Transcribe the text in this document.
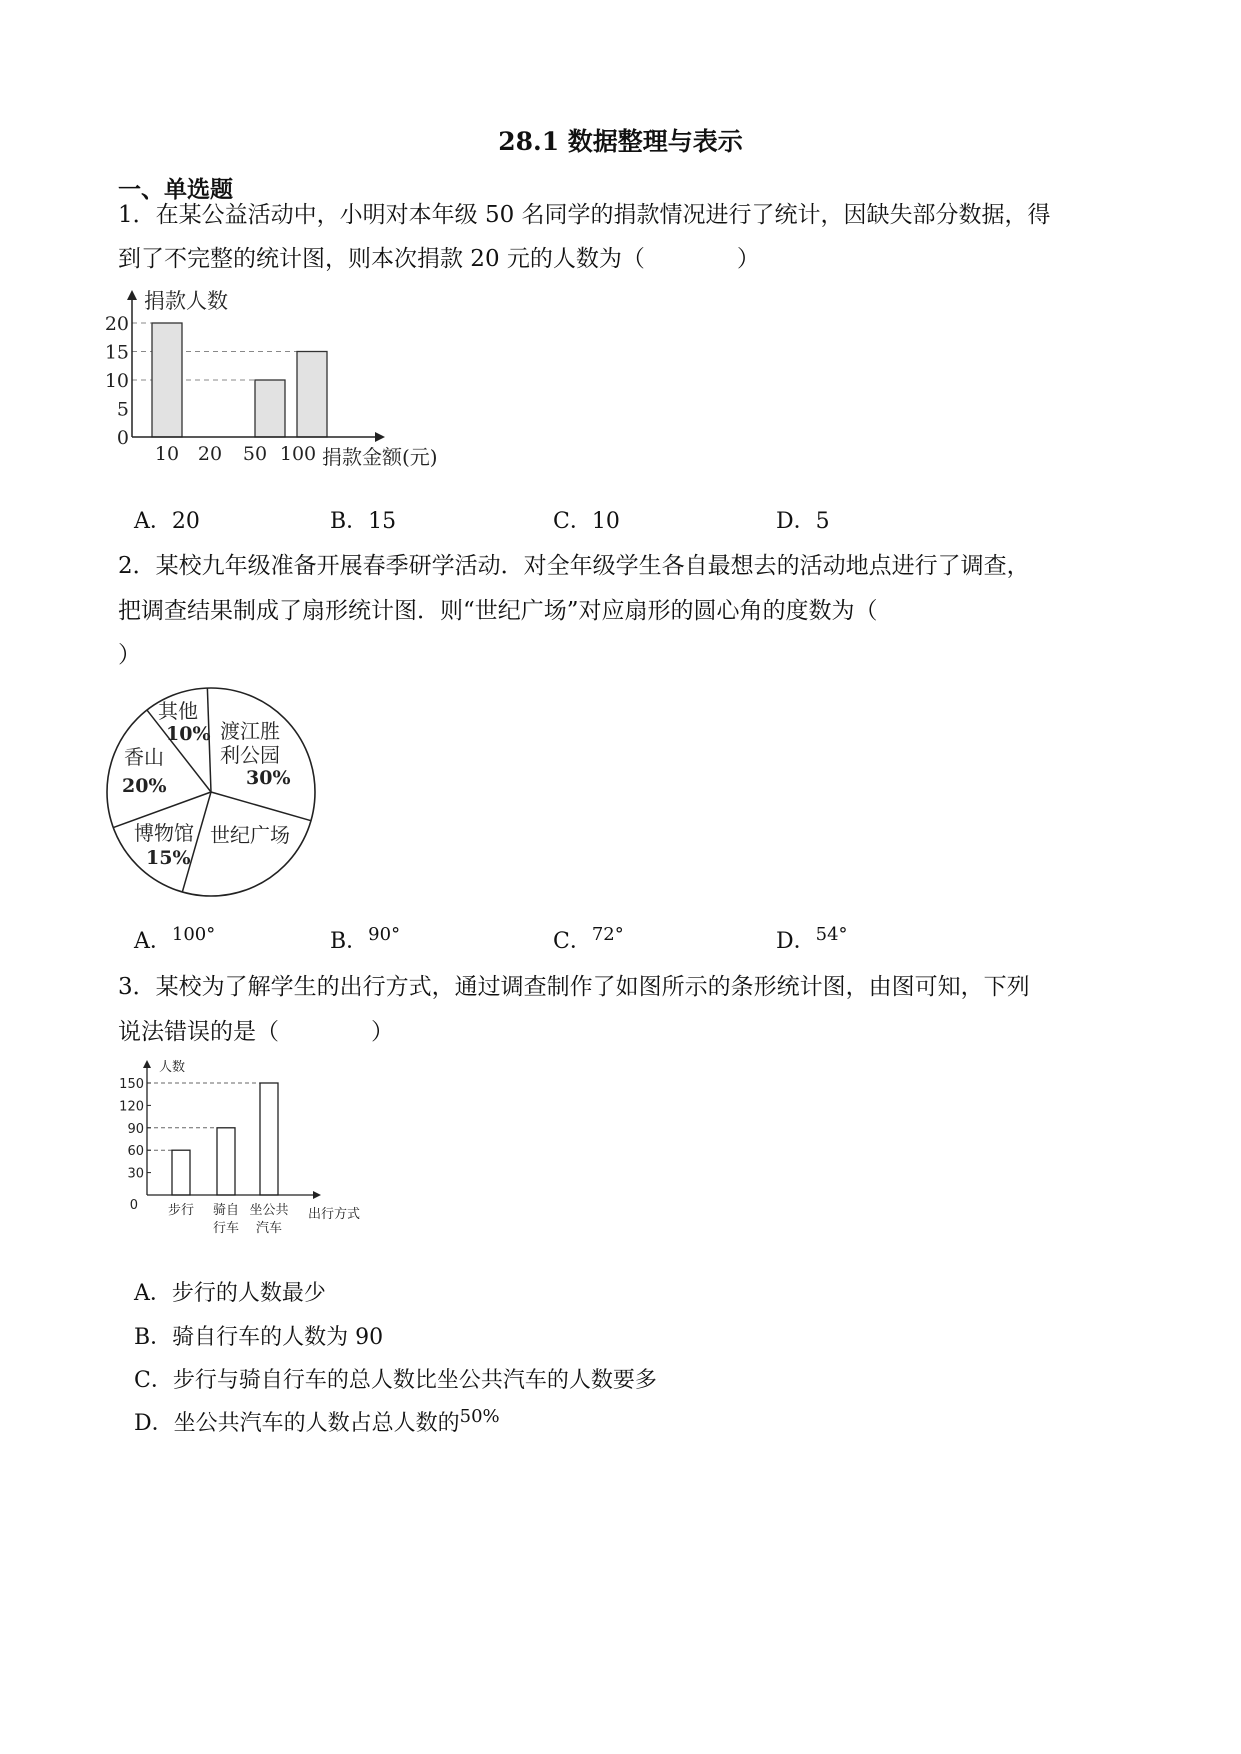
28.1 数据整理与表示
一、单选题
1．在某公益活动中，小明对本年级 50 名同学的捐款情况进行了统计，因缺失部分数据，得
到了不完整的统计图，则本次捐款 20 元的人数为（　　　　）
0
5
10
15
20
10 20 50 100
捐款人数
捐款金额(元)
A．20	B．15	C．10	D．5
2．某校九年级准备开展春季研学活动．对全年级学生各自最想去的活动地点进行了调查，
把调查结果制成了扇形统计图．则“世纪广场”对应扇形的圆心角的度数为（
）
渡江胜
利公园
30%
世纪广场
博物馆
15%
香山
20%
其他
10%
A．$^{100^\circ}$	B．$^{90^\circ}$	C．$^{72^\circ}$	D．$^{54^\circ}$
3．某校为了解学生的出行方式，通过调查制作了如图所示的条形统计图，由图可知，下列
说法错误的是（　　　　）
0
30
60
90
120
150
步行 骑自
行车
坐公共
汽车
人数
出行方式
A．步行的人数最少
B．骑自行车的人数为 90
C．步行与骑自行车的总人数比坐公共汽车的人数要多
D．坐公共汽车的人数占总人数的$^{50\%}$
